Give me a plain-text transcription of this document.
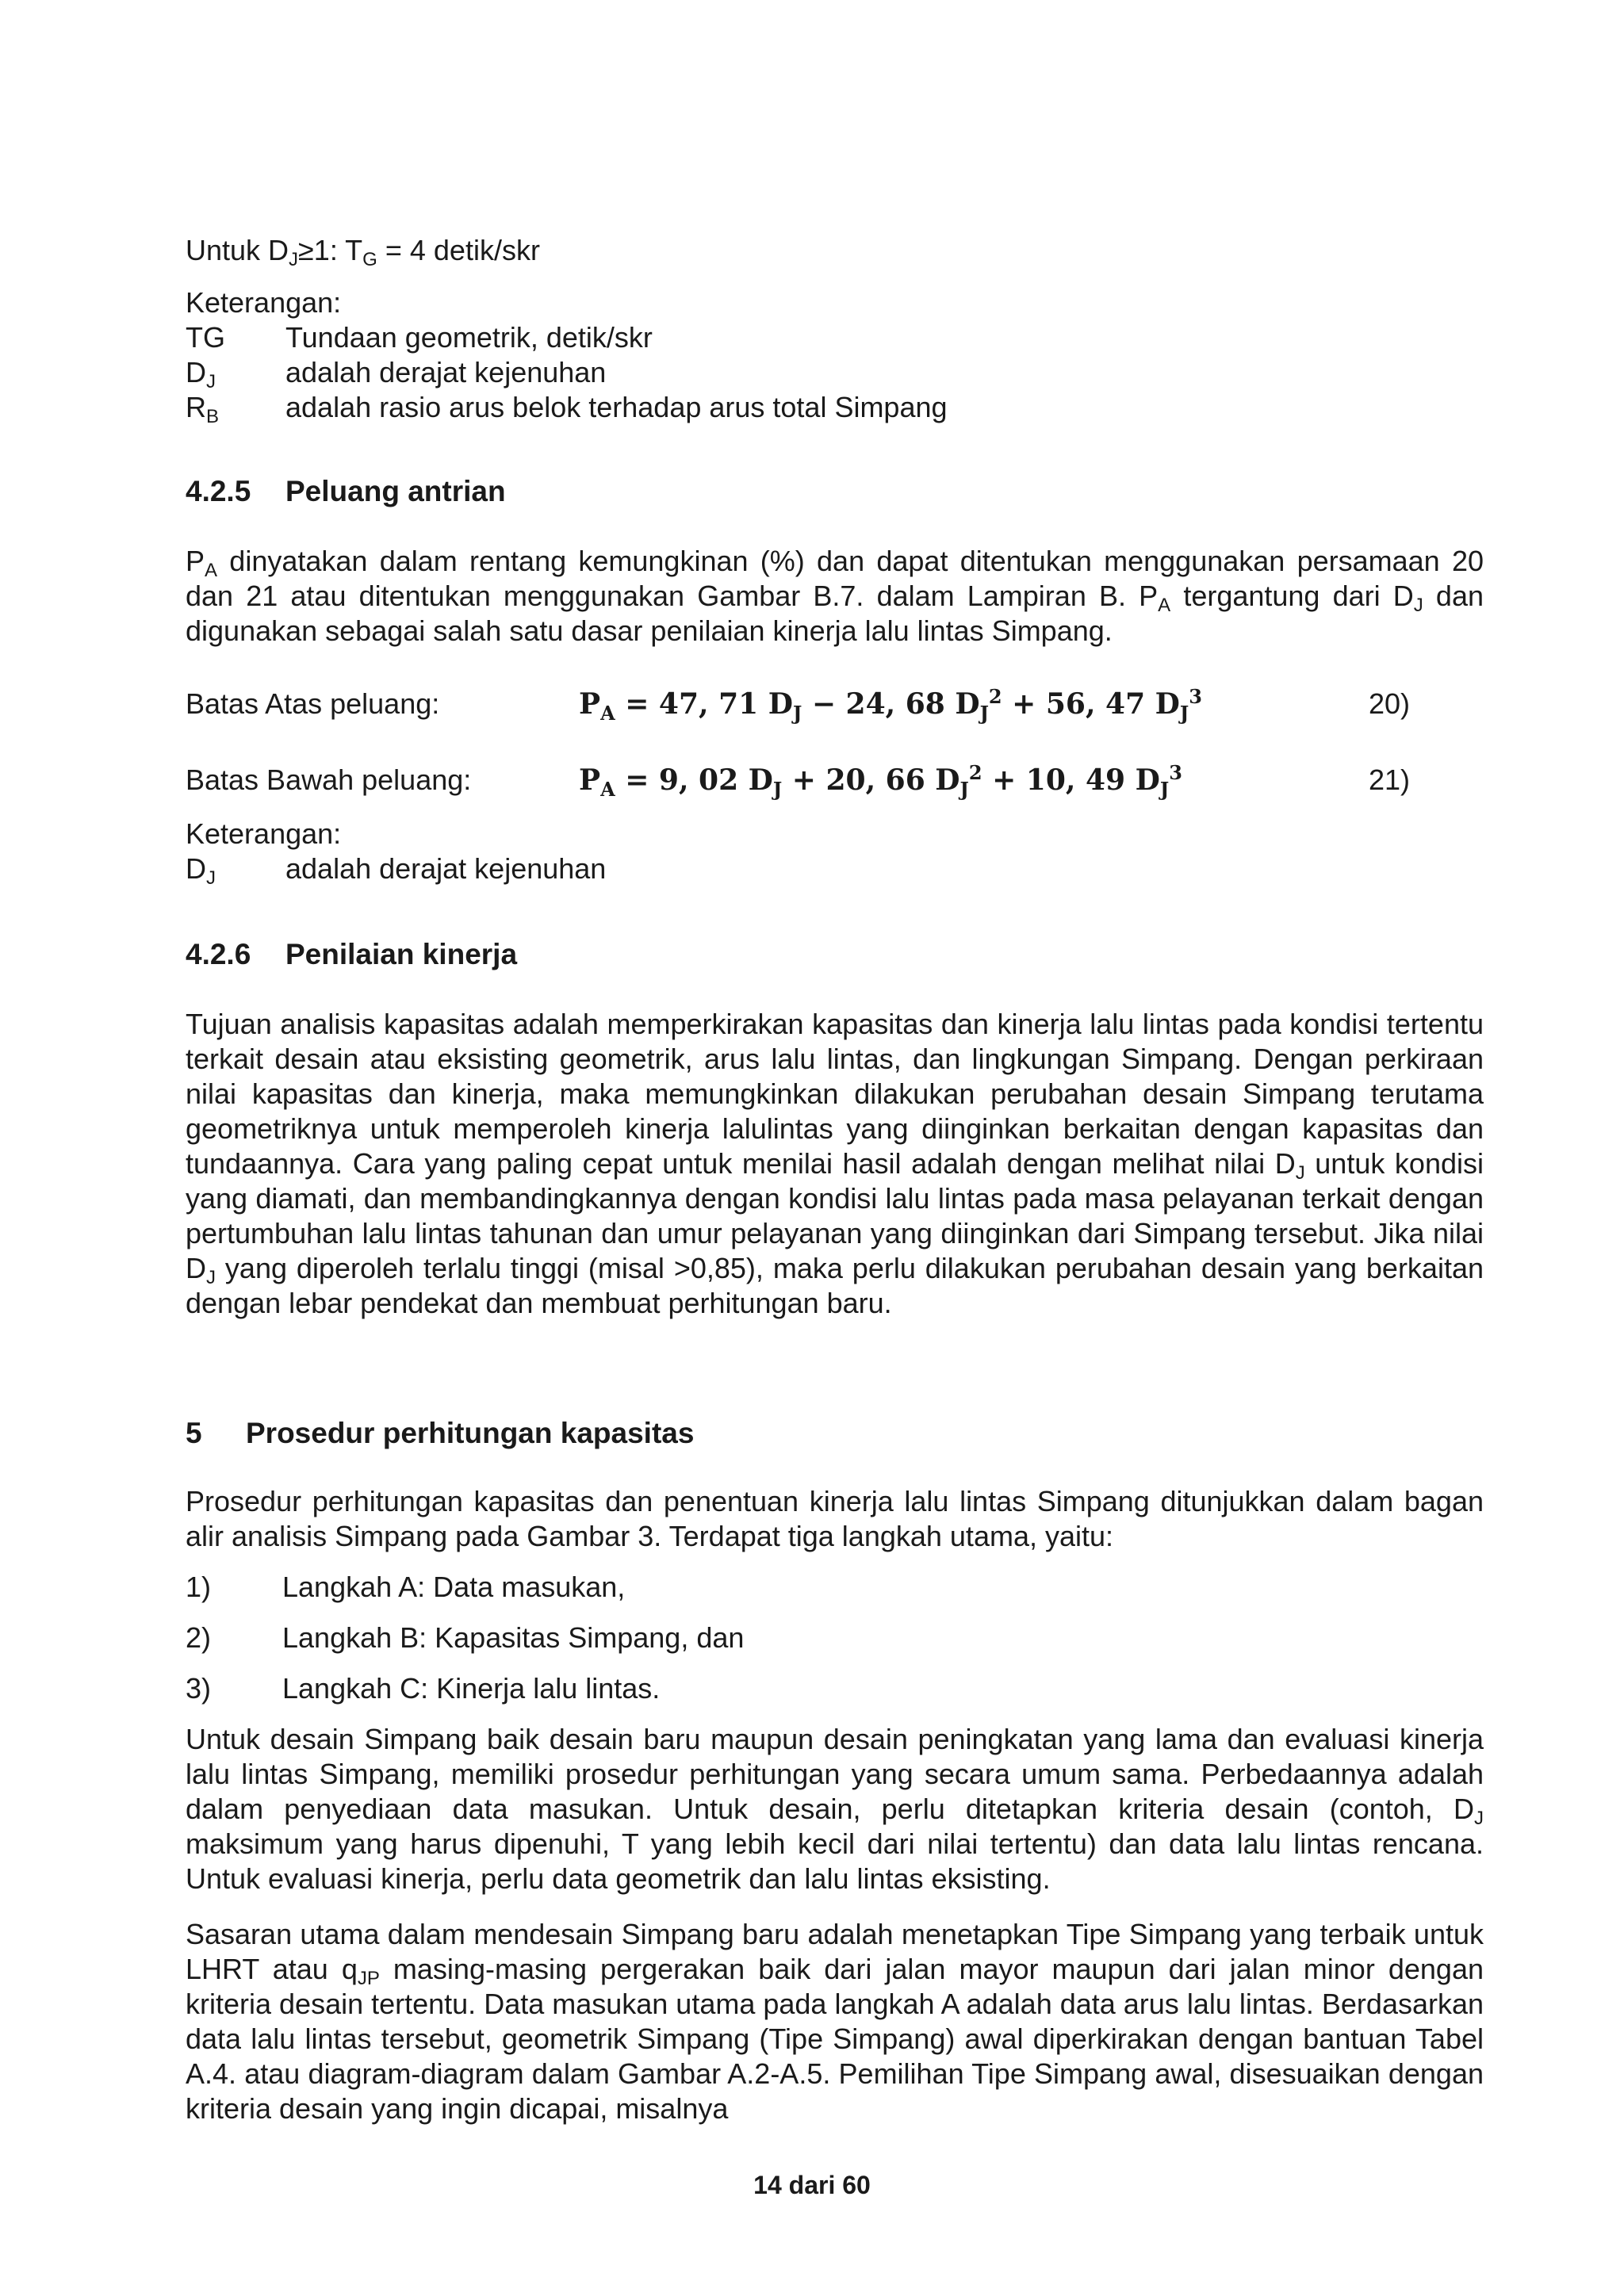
Untuk $D_J\ge 1$: $T_G = 4$ detik/skr
Keterangan:
TG Tundaan geometrik, detik/skr
$D_J$ adalah derajat kejenuhan
$R_B$ adalah rasio arus belok terhadap arus total Simpang
4.2.5 Peluang antrian
$P_A$ dinyatakan dalam rentang kemungkinan (%) dan dapat ditentukan menggunakan persamaan 20 dan 21 atau ditentukan menggunakan Gambar B.7. dalam Lampiran B. $P_A$ tergantung dari $D_J$ dan digunakan sebagai salah satu dasar penilaian kinerja lalu lintas Simpang.
Batas Atas peluang:	$P_A = 47$, 71 $D_J - 24$, 68 $D_J^2 + 56$, 47 $D_J^3$	20)
Batas Bawah peluang:	$P_A = 9$, 02 $D_J + 20$, 66 $D_J^2 + 10$, 49 $D_J^3$	21)
Keterangan:
$D_J$ adalah derajat kejenuhan
4.2.6 Penilaian kinerja
Tujuan analisis kapasitas adalah memperkirakan kapasitas dan kinerja lalu lintas pada kondisi tertentu terkait desain atau eksisting geometrik, arus lalu lintas, dan lingkungan Simpang. Dengan perkiraan nilai kapasitas dan kinerja, maka memungkinkan dilakukan perubahan desain Simpang terutama geometriknya untuk memperoleh kinerja lalulintas yang diinginkan berkaitan dengan kapasitas dan tundaannya. Cara yang paling cepat untuk menilai hasil adalah dengan melihat nilai $D_J$ untuk kondisi yang diamati, dan membandingkannya dengan kondisi lalu lintas pada masa pelayanan terkait dengan pertumbuhan lalu lintas tahunan dan umur pelayanan yang diinginkan dari Simpang tersebut. Jika nilai $D_J$ yang diperoleh terlalu tinggi (misal >0,85), maka perlu dilakukan perubahan desain yang berkaitan dengan lebar pendekat dan membuat perhitungan baru.
5 Prosedur perhitungan kapasitas
Prosedur perhitungan kapasitas dan penentuan kinerja lalu lintas Simpang ditunjukkan dalam bagan alir analisis Simpang pada Gambar 3. Terdapat tiga langkah utama, yaitu:
1) Langkah A: Data masukan,
2) Langkah B: Kapasitas Simpang, dan
3) Langkah C: Kinerja lalu lintas.
Untuk desain Simpang baik desain baru maupun desain peningkatan yang lama dan evaluasi kinerja lalu lintas Simpang, memiliki prosedur perhitungan yang secara umum sama. Perbedaannya adalah dalam penyediaan data masukan. Untuk desain, perlu ditetapkan kriteria desain (contoh, $D_J$ maksimum yang harus dipenuhi, T yang lebih kecil dari nilai tertentu) dan data lalu lintas rencana. Untuk evaluasi kinerja, perlu data geometrik dan lalu lintas eksisting.
Sasaran utama dalam mendesain Simpang baru adalah menetapkan Tipe Simpang yang terbaik untuk LHRT atau $q_{JP}$ masing-masing pergerakan baik dari jalan mayor maupun dari jalan minor dengan kriteria desain tertentu. Data masukan utama pada langkah A adalah data arus lalu lintas. Berdasarkan data lalu lintas tersebut, geometrik Simpang (Tipe Simpang) awal diperkirakan dengan bantuan Tabel A.4. atau diagram-diagram dalam Gambar A.2-A.5. Pemilihan Tipe Simpang awal, disesuaikan dengan kriteria desain yang ingin dicapai, misalnya
14 dari 60
